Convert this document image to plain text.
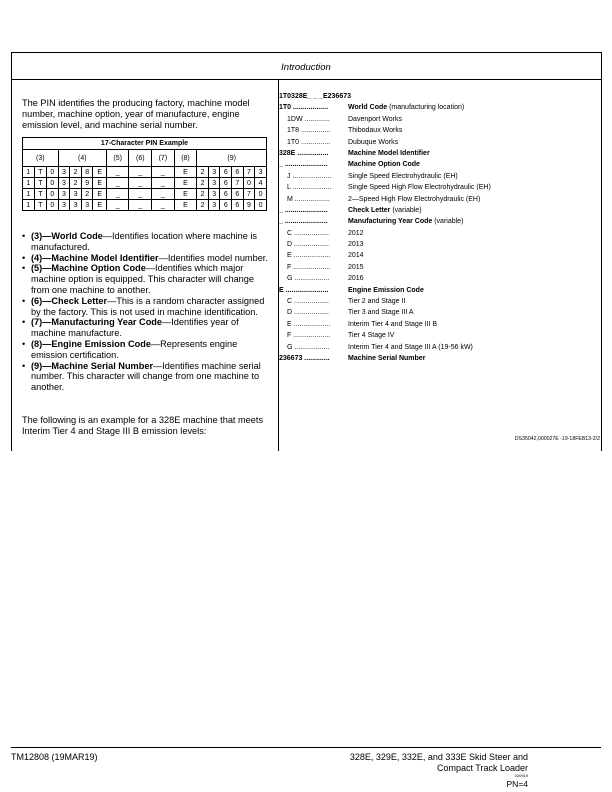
Introduction
The PIN identifies the producing factory, machine model number, machine option, year of manufacture, engine emission level, and machine serial number.
17-Character PIN Example																
(3)			(4)				(5)	(6)	(7)	(8)	(9)					
1	T	0	3	2	8	E	_	_	_	E	2	3	6	6	7	3
1	T	0	3	2	9	E	_	_	_	E	2	3	6	7	0	4
1	T	0	3	3	2	E	_	_	_	E	2	3	6	6	7	0
1	T	0	3	3	3	E	_	_	_	E	2	3	6	6	9	0
• (3)—World Code—Identifies location where machine is manufactured.
• (4)—Machine Model Identifier—Identifies model number.
• (5)—Machine Option Code—Identifies which major machine option is equipped. This character will change from one machine to another.
• (6)—Check Letter—This is a random character assigned by the factory. This is not used in machine identification.
• (7)—Manufacturing Year Code—Identifies year of machine manufacture.
• (8)—Engine Emission Code—Represents engine emission certification.
• (9)—Machine Serial Number—Identifies machine serial number. This character will change from one machine to another.
The following is an example for a 328E machine that meets Interim Tier 4 and Stage III B emission levels:
1T0328E_ _ _E236673
1T0 ..................	World Code (manufacturing location)
1DW .............	Davenport Works
1T8 ...............	Thibodaux Works
1T0 ...............	Dubuque Works
328E ................	Machine Model Identifier
_ ......................	Machine Option Code
J .................... Single Speed Electrohydraulic (EH)
L .................... Single Speed High Flow Electrohydraulic (EH)
M ..................	2—Speed High Flow Electrohydraulic (EH)
_ ......................	Check Letter (variable)
_ ......................	Manufacturing Year Code (variable)
C ..................	2012
D ..................	2013
E ................... 2014
F ...................	2015
G ..................	2016
E ......................	Engine Emission Code
C ..................	Tier 2 and Stage II
D ..................	Tier 3 and Stage III A
E ................... Interim Tier 4 and Stage III B
F ...................	Tier 4 Stage IV
G ..................	Interim Tier 4 and Stage III A (19-56 kW)
236673 .............	Machine Serial Number
DS35042,000027E -19-18FEB13-2/2
TM12808 (19MAR19)	328E, 329E, 332E, and 333E Skid Steer and
Compact Track Loader
020919
PN=4
